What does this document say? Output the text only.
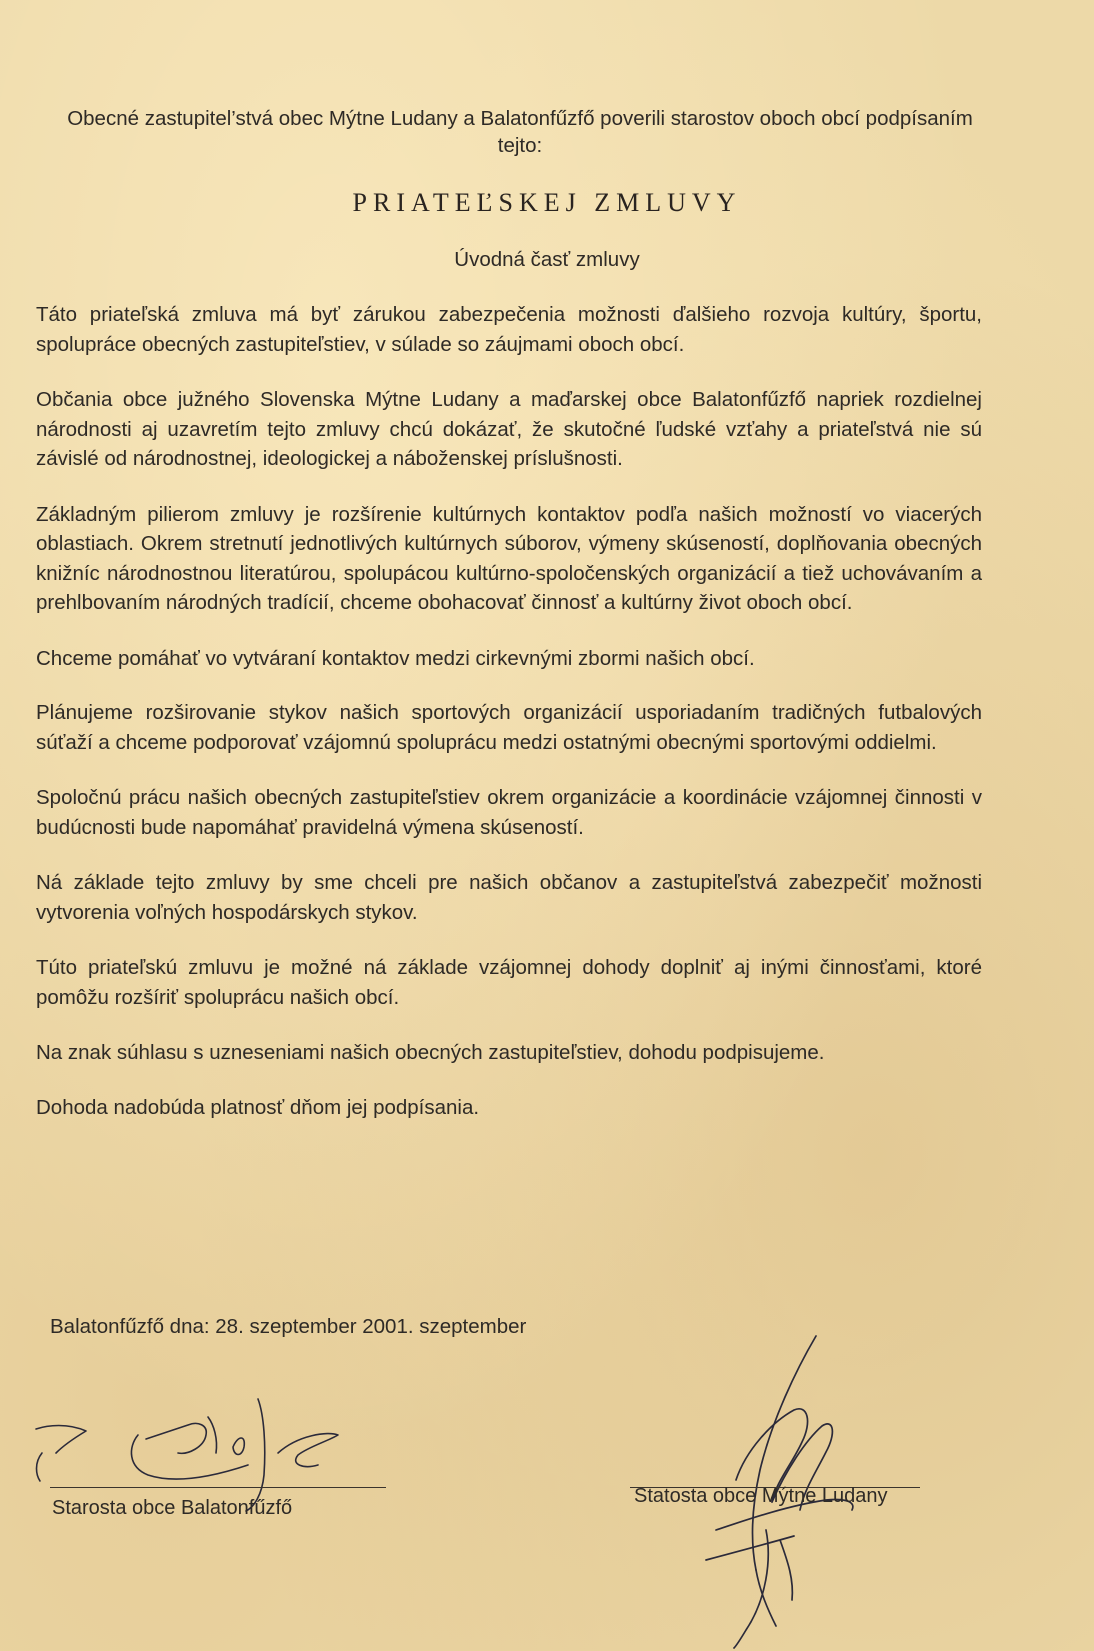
Obecné zastupitel’stvá obec Mýtne Ludany a Balatonfűzfő poverili starostov oboch obcí podpísaním tejto:
PRIATEĽSKEJ ZMLUVY
Úvodná časť zmluvy

Táto priateľská zmluva má byť zárukou zabezpečenia možnosti ďalšieho rozvoja kultúry, športu, spolupráce obecných zastupiteľstiev, v súlade so záujmami oboch obcí.

Občania obce južného Slovenska Mýtne Ludany a maďarskej obce Balatonfűzfő napriek rozdielnej národnosti aj uzavretím tejto zmluvy chcú dokázať, že skutočné ľudské vzťahy a priateľstvá nie sú závislé od národnostnej, ideologickej a náboženskej príslušnosti.

Základným pilierom zmluvy je rozšírenie kultúrnych kontaktov podľa našich možností vo viacerých oblastiach. Okrem stretnutí jednotlivých kultúrnych súborov, výmeny skúseností, doplňovania obecných knižníc národnostnou literatúrou, spolupácou kultúrno-spoločenských organizácií a tiež uchovávaním a prehlbovaním národných tradícií, chceme obohacovať činnosť a kultúrny život oboch obcí.

Chceme pomáhať vo vytváraní kontaktov medzi cirkevnými zbormi našich obcí.

Plánujeme rozširovanie stykov našich sportových organizácií usporiadaním tradičných futbalových súťaží a chceme podporovať vzájomnú spoluprácu medzi ostatnými obecnými sportovými oddielmi.

Spoločnú prácu našich obecných zastupiteľstiev okrem organizácie a koordinácie vzájomnej činnosti v budúcnosti bude napomáhať pravidelná výmena skúseností.

Ná základe tejto zmluvy by sme chceli pre našich občanov a zastupiteľstvá zabezpečiť možnosti vytvorenia voľných hospodárskych stykov.

Túto priateľskú zmluvu je možné ná základe vzájomnej dohody doplniť aj inými činnosťami, ktoré pomôžu rozšíriť spoluprácu našich obcí.

Na znak súhlasu s uzneseniami našich obecných zastupiteľstiev, dohodu podpisujeme.

Dohoda nadobúda platnosť dňom jej podpísania.

Balatonfűzfő dna: 28. szeptember 2001. szeptember
Starosta obce Balatonfűzfő
Statosta obce Mýtne Ludany
